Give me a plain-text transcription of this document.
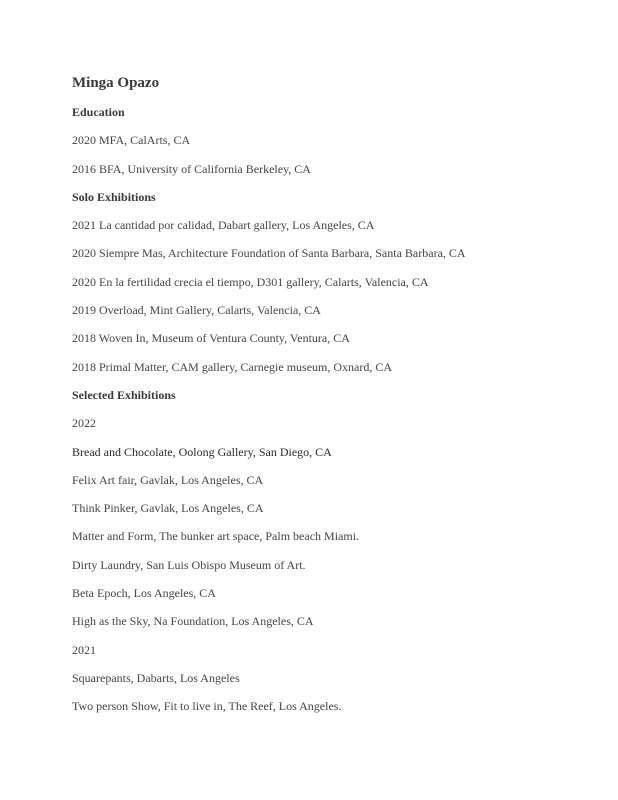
Minga Opazo
Education
2020 MFA, CalArts, CA
2016 BFA, University of California Berkeley, CA
Solo Exhibitions
2021 La cantidad por calidad, Dabart gallery, Los Angeles, CA
2020 Siempre Mas, Architecture Foundation of Santa Barbara, Santa Barbara, CA
2020 En la fertilidad crecia el tiempo, D301 gallery, Calarts, Valencia, CA
2019 Overload, Mint Gallery, Calarts, Valencia, CA
2018 Woven In, Museum of Ventura County, Ventura, CA
2018 Primal Matter, CAM gallery, Carnegie museum, Oxnard, CA
Selected Exhibitions
2022
Bread and Chocolate, Oolong Gallery, San Diego, CA
Felix Art fair, Gavlak, Los Angeles, CA
Think Pinker, Gavlak, Los Angeles, CA
Matter and Form, The bunker art space, Palm beach Miami.
Dirty Laundry, San Luis Obispo Museum of Art.
Beta Epoch, Los Angeles, CA
High as the Sky, Na Foundation, Los Angeles, CA
2021
Squarepants, Dabarts, Los Angeles
Two person Show, Fit to live in, The Reef, Los Angeles.
